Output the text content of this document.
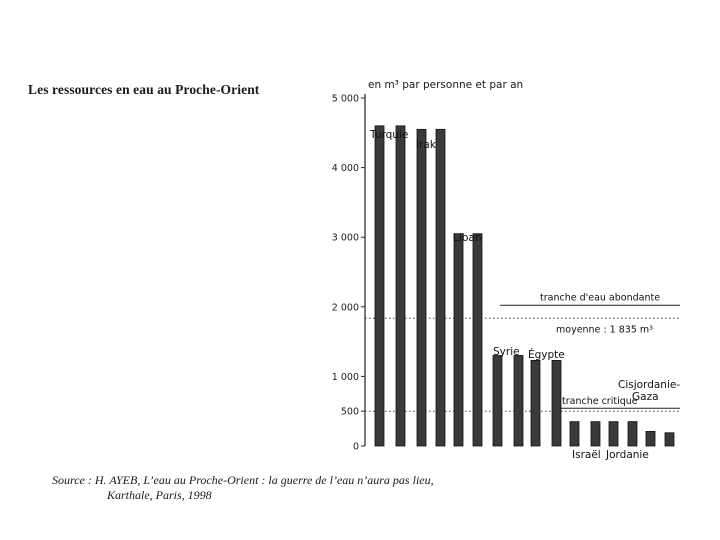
Les ressources en eau au Proche-Orient	en m³ par personne et par an
0
500
1 000
2 000
3 000
4 000
5 000
tranche d'eau abondante
moyenne : 1 835 m³
tranche critique
Turquie
Irak
Liban
Syrie Égypte
Israël Jordanie
Cisjordanie-
Gaza
Source : H. AYEB, L’eau au Proche-Orient : la guerre de l’eau n’aura pas lieu,
Karthale, Paris, 1998
